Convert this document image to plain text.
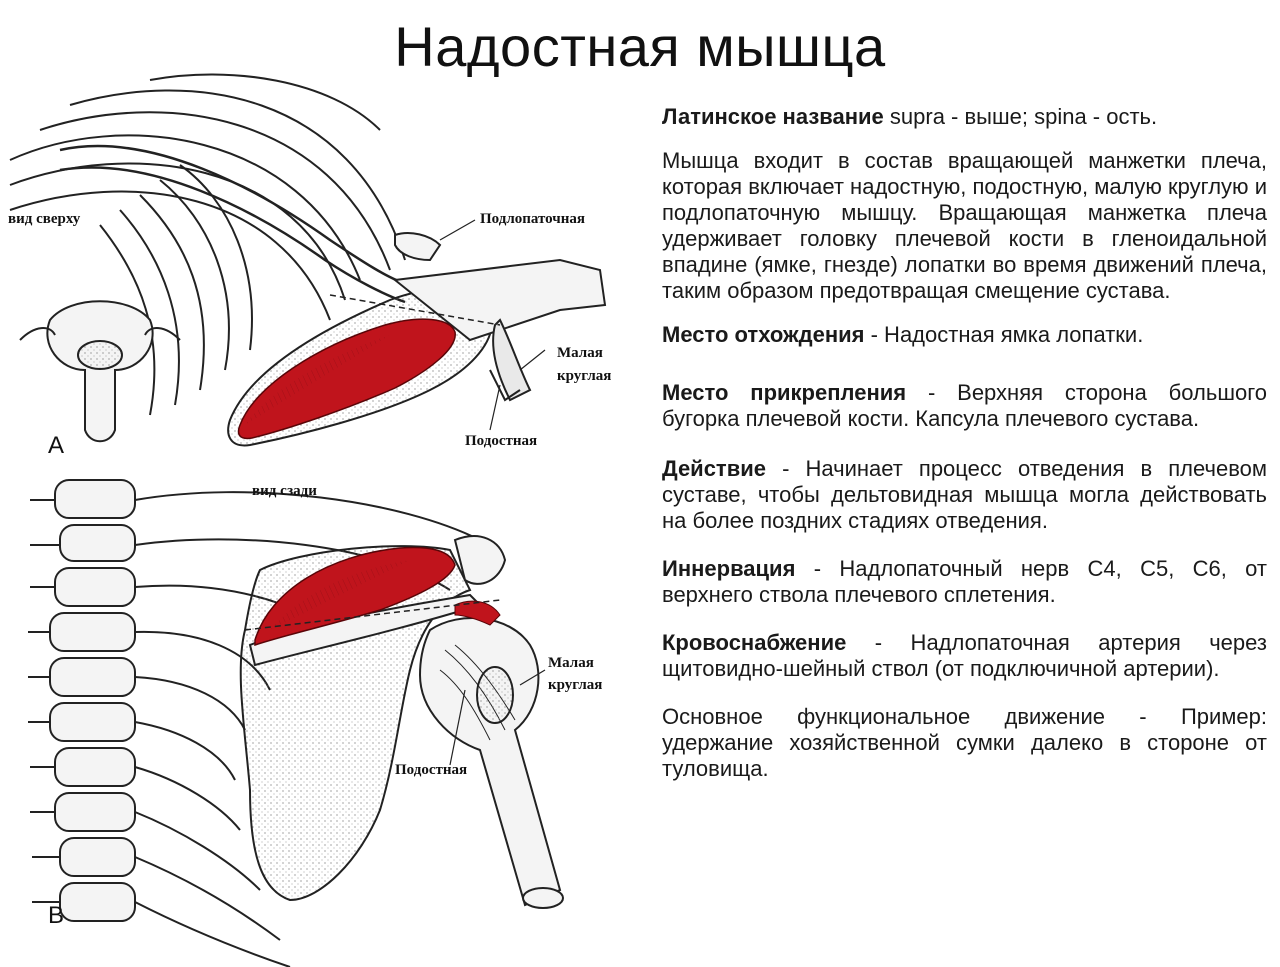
Надостная мышца
вид сверху	Подлопаточная
Малая
круглая
Подостная
A
вид сзади
Малая
круглая
Подостная
B

Латинское название supra - выше; spina - ость.

Мышца входит в состав вращающей манжетки плеча, которая включает надостную, подостную, малую круглую и подлопаточную мышцу. Вращающая манжетка плеча удерживает головку плечевой кости в гленоидальной впадине (ямке, гнезде) лопатки во время движений плеча, таким образом предотвращая смещение сустава.

Место отхождения - Надостная ямка лопатки.

Место прикрепления - Верхняя сторона большого бугорка плечевой кости. Капсула плечевого сустава.

Действие - Начинает процесс отведения в плечевом суставе, чтобы дельтовидная мышца могла действовать на более поздних стадиях отведения.

Иннервация - Надлопаточный нерв С4, С5, С6, от верхнего ствола плечевого сплетения.

Кровоснабжение - Надлопаточная артерия через щитовидно-шейный ствол (от подключичной артерии).

Основное функциональное движение - Пример: удержание хозяйственной сумки далеко в стороне от туловища.
